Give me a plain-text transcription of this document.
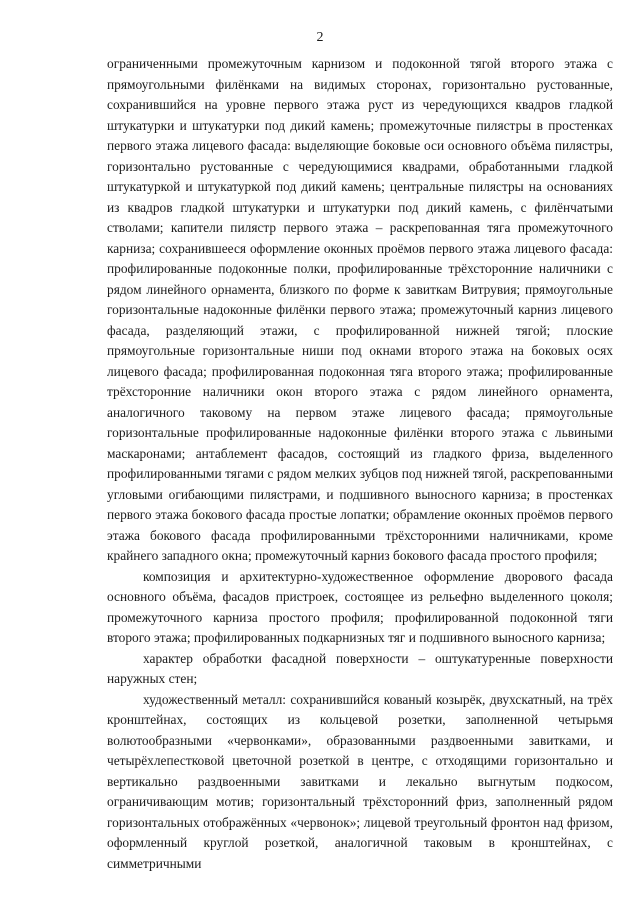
2

ограниченными промежуточным карнизом и подоконной тягой второго этажа с прямоугольными филёнками на видимых сторонах, горизонтально рустованные, сохранившийся на уровне первого этажа руст из чередующихся квадров гладкой штукатурки и штукатурки под дикий камень; промежуточные пилястры в простенках первого этажа лицевого фасада: выделяющие боковые оси основного объёма пилястры, горизонтально рустованные с чередующимися квадрами, обработанными гладкой штукатуркой и штукатуркой под дикий камень; центральные пилястры на основаниях из квадров гладкой штукатурки и штукатурки под дикий камень, с филёнчатыми стволами; капители пилястр первого этажа – раскрепованная тяга промежуточного карниза; сохранившееся оформление оконных проёмов первого этажа лицевого фасада: профилированные подоконные полки, профилированные трёхсторонние наличники с рядом линейного орнамента, близкого по форме к завиткам Витрувия; прямоугольные горизонтальные надоконные филёнки первого этажа; промежуточный карниз лицевого фасада, разделяющий этажи, с профилированной нижней тягой; плоские прямоугольные горизонтальные ниши под окнами второго этажа на боковых осях лицевого фасада; профилированная подоконная тяга второго этажа; профилированные трёхсторонние наличники окон второго этажа с рядом линейного орнамента, аналогичного таковому на первом этаже лицевого фасада; прямоугольные горизонтальные профилированные надоконные филёнки второго этажа с львиными маскаронами; антаблемент фасадов, состоящий из гладкого фриза, выделенного профилированными тягами с рядом мелких зубцов под нижней тягой, раскрепованными угловыми огибающими пилястрами, и подшивного выносного карниза; в простенках первого этажа бокового фасада простые лопатки; обрамление оконных проёмов первого этажа бокового фасада профилированными трёхсторонними наличниками, кроме крайнего западного окна; промежуточный карниз бокового фасада простого профиля;

композиция и архитектурно-художественное оформление дворового фасада основного объёма, фасадов пристроек, состоящее из рельефно выделенного цоколя; промежуточного карниза простого профиля; профилированной подоконной тяги второго этажа; профилированных подкарнизных тяг и подшивного выносного карниза;

характер обработки фасадной поверхности – оштукатуренные поверхности наружных стен;

художественный металл: сохранившийся кованый козырёк, двухскатный, на трёх кронштейнах, состоящих из кольцевой розетки, заполненной четырьмя волютообразными «червонками», образованными раздвоенными завитками, и четырёхлепестковой цветочной розеткой в центре, с отходящими горизонтально и вертикально раздвоенными завитками и лекально выгнутым подкосом, ограничивающим мотив; горизонтальный трёхсторонний фриз, заполненный рядом горизонтальных отображённых «червонок»; лицевой треугольный фронтон над фризом, оформленный круглой розеткой, аналогичной таковым в кронштейнах, с симметричными
